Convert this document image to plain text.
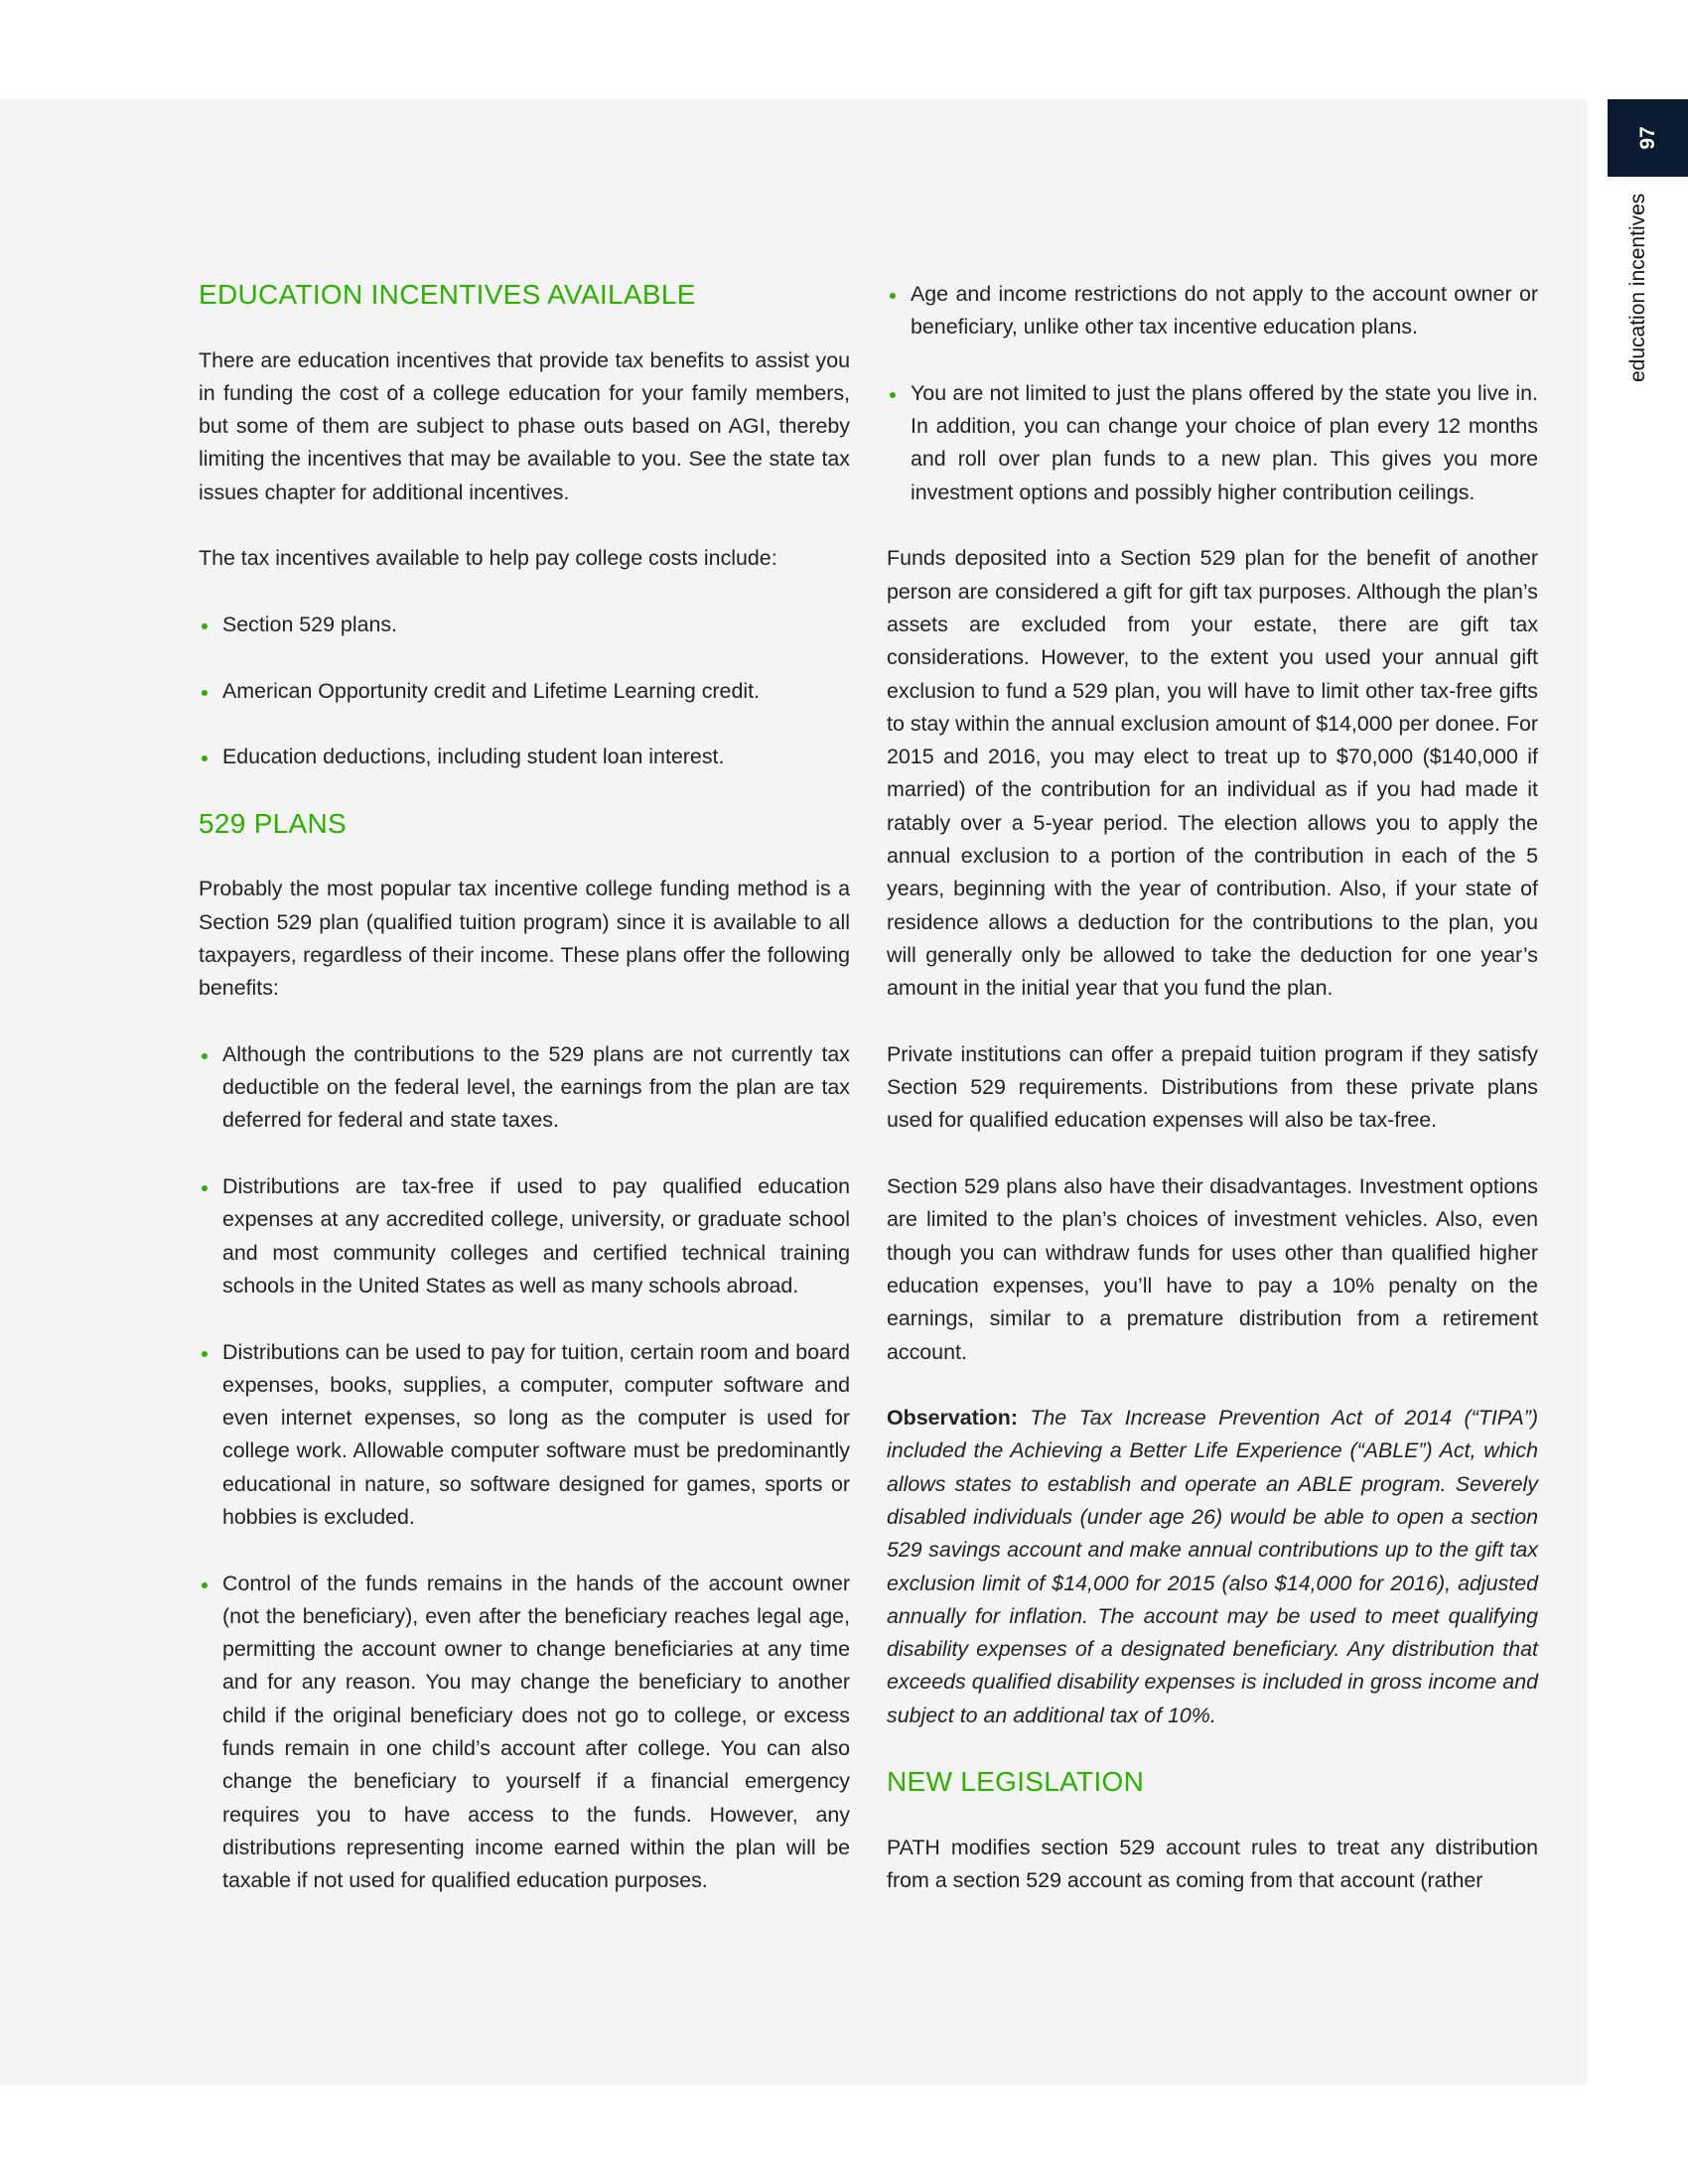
97
education incentives
EDUCATION INCENTIVES AVAILABLE

There are education incentives that provide tax benefits to assist you in funding the cost of a college education for your family members, but some of them are subject to phase outs based on AGI, thereby limiting the incentives that may be available to you. See the state tax issues chapter for additional incentives.

The tax incentives available to help pay college costs include:

Section 529 plans.

American Opportunity credit and Lifetime Learning credit.

Education deductions, including student loan interest.

529 PLANS

Probably the most popular tax incentive college funding method is a Section 529 plan (qualified tuition program) since it is available to all taxpayers, regardless of their income. These plans offer the following benefits:

Although the contributions to the 529 plans are not currently tax deductible on the federal level, the earnings from the plan are tax deferred for federal and state taxes.

Distributions are tax-free if used to pay qualified education expenses at any accredited college, university, or graduate school and most community colleges and certified technical training schools in the United States as well as many schools abroad.

Distributions can be used to pay for tuition, certain room and board expenses, books, supplies, a computer, computer software and even internet expenses, so long as the computer is used for college work. Allowable computer software must be predominantly educational in nature, so software designed for games, sports or hobbies is excluded.

Control of the funds remains in the hands of the account owner (not the beneficiary), even after the beneficiary reaches legal age, permitting the account owner to change beneficiaries at any time and for any reason. You may change the beneficiary to another child if the original beneficiary does not go to college, or excess funds remain in one child’s account after college. You can also change the beneficiary to yourself if a financial emergency requires you to have access to the funds. However, any distributions representing income earned within the plan will be taxable if not used for qualified education purposes.

Age and income restrictions do not apply to the account owner or beneficiary, unlike other tax incentive education plans.

You are not limited to just the plans offered by the state you live in. In addition, you can change your choice of plan every 12 months and roll over plan funds to a new plan. This gives you more investment options and possibly higher contribution ceilings.

Funds deposited into a Section 529 plan for the benefit of another person are considered a gift for gift tax purposes. Although the plan’s assets are excluded from your estate, there are gift tax considerations. However, to the extent you used your annual gift exclusion to fund a 529 plan, you will have to limit other tax-free gifts to stay within the annual exclusion amount of $14,000 per donee. For 2015 and 2016, you may elect to treat up to $70,000 ($140,000 if married) of the contribution for an individual as if you had made it ratably over a 5-year period. The election allows you to apply the annual exclusion to a portion of the contribution in each of the 5 years, beginning with the year of contribution. Also, if your state of residence allows a deduction for the contributions to the plan, you will generally only be allowed to take the deduction for one year’s amount in the initial year that you fund the plan.

Private institutions can offer a prepaid tuition program if they satisfy Section 529 requirements. Distributions from these private plans used for qualified education expenses will also be tax-free.

Section 529 plans also have their disadvantages. Investment options are limited to the plan’s choices of investment vehicles. Also, even though you can withdraw funds for uses other than qualified higher education expenses, you’ll have to pay a 10% penalty on the earnings, similar to a premature distribution from a retirement account.

Observation: The Tax Increase Prevention Act of 2014 (“TIPA”) included the Achieving a Better Life Experience (“ABLE”) Act, which allows states to establish and operate an ABLE program. Severely disabled individuals (under age 26) would be able to open a section 529 savings account and make annual contributions up to the gift tax exclusion limit of $14,000 for 2015 (also $14,000 for 2016), adjusted annually for inflation. The account may be used to meet qualifying disability expenses of a designated beneficiary. Any distribution that exceeds qualified disability expenses is included in gross income and subject to an additional tax of 10%.

NEW LEGISLATION

PATH modifies section 529 account rules to treat any distribution from a section 529 account as coming from that account (rather
